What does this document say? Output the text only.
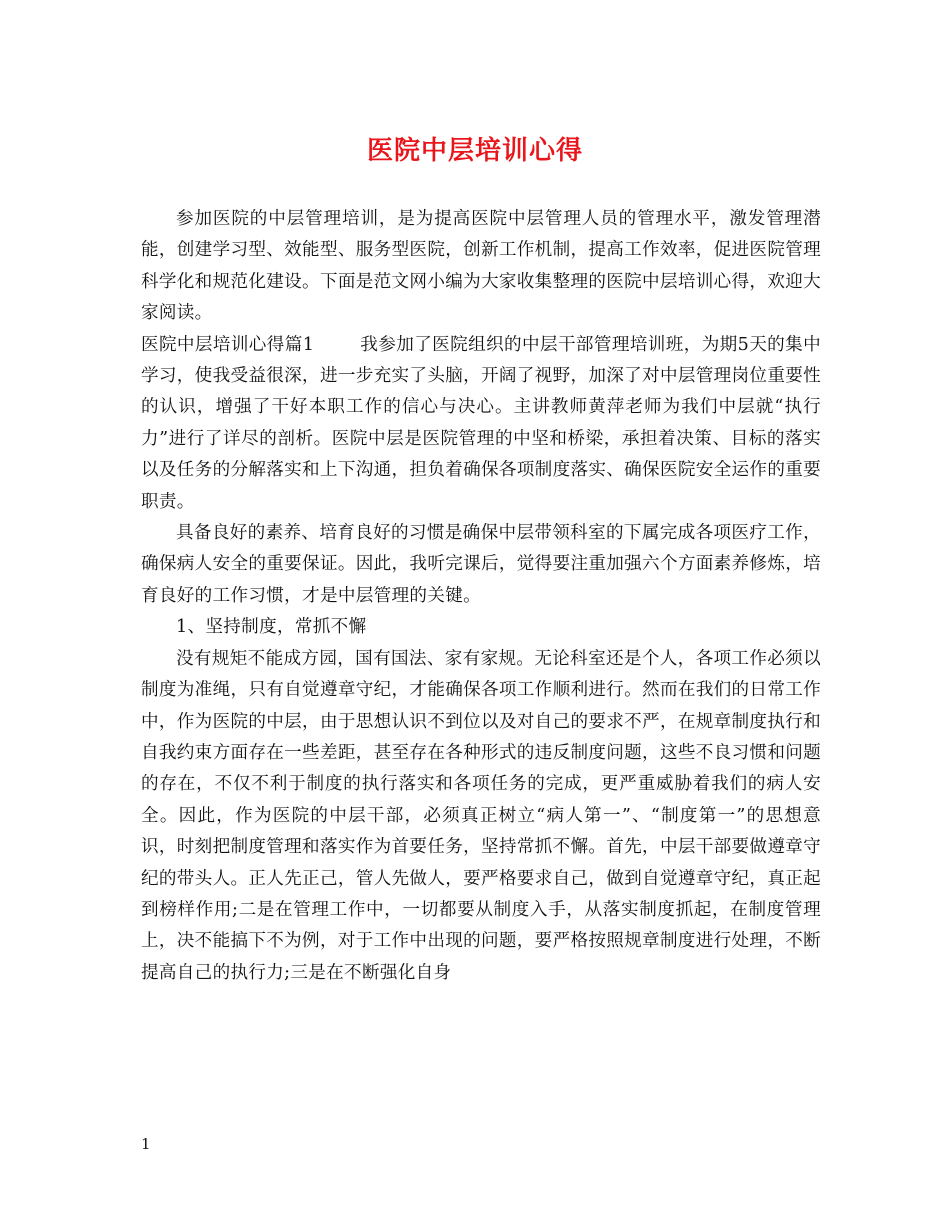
医院中层培训心得

参加医院的中层管理培训，是为提高医院中层管理人员的管理水平，激发管理潜能，创建学习型、效能型、服务型医院，创新工作机制，提高工作效率，促进医院管理科学化和规范化建设。下面是范文网小编为大家收集整理的医院中层培训心得，欢迎大家阅读。

医院中层培训心得篇1	我参加了医院组织的中层干部管理培训班，为期5天的集中学习，使我受益很深，进一步充实了头脑，开阔了视野，加深了对中层管理岗位重要性的认识，增强了干好本职工作的信心与决心。主讲教师黄萍老师为我们中层就“执行力”进行了详尽的剖析。医院中层是医院管理的中坚和桥梁，承担着决策、目标的落实以及任务的分解落实和上下沟通，担负着确保各项制度落实、确保医院安全运作的重要职责。

具备良好的素养、培育良好的习惯是确保中层带领科室的下属完成各项医疗工作，确保病人安全的重要保证。因此，我听完课后，觉得要注重加强六个方面素养修炼，培育良好的工作习惯，才是中层管理的关键。

1、坚持制度，常抓不懈

没有规矩不能成方园，国有国法、家有家规。无论科室还是个人，各项工作必须以制度为准绳，只有自觉遵章守纪，才能确保各项工作顺利进行。然而在我们的日常工作中，作为医院的中层，由于思想认识不到位以及对自己的要求不严，在规章制度执行和自我约束方面存在一些差距，甚至存在各种形式的违反制度问题，这些不良习惯和问题的存在，不仅不利于制度的执行落实和各项任务的完成，更严重威胁着我们的病人安全。因此，作为医院的中层干部，必须真正树立“病人第一”、“制度第一”的思想意识，时刻把制度管理和落实作为首要任务，坚持常抓不懈。首先，中层干部要做遵章守纪的带头人。正人先正己，管人先做人，要严格要求自己，做到自觉遵章守纪，真正起到榜样作用;二是在管理工作中，一切都要从制度入手，从落实制度抓起，在制度管理上，决不能搞下不为例，对于工作中出现的问题，要严格按照规章制度进行处理，不断提高自己的执行力;三是在不断强化自身

1
